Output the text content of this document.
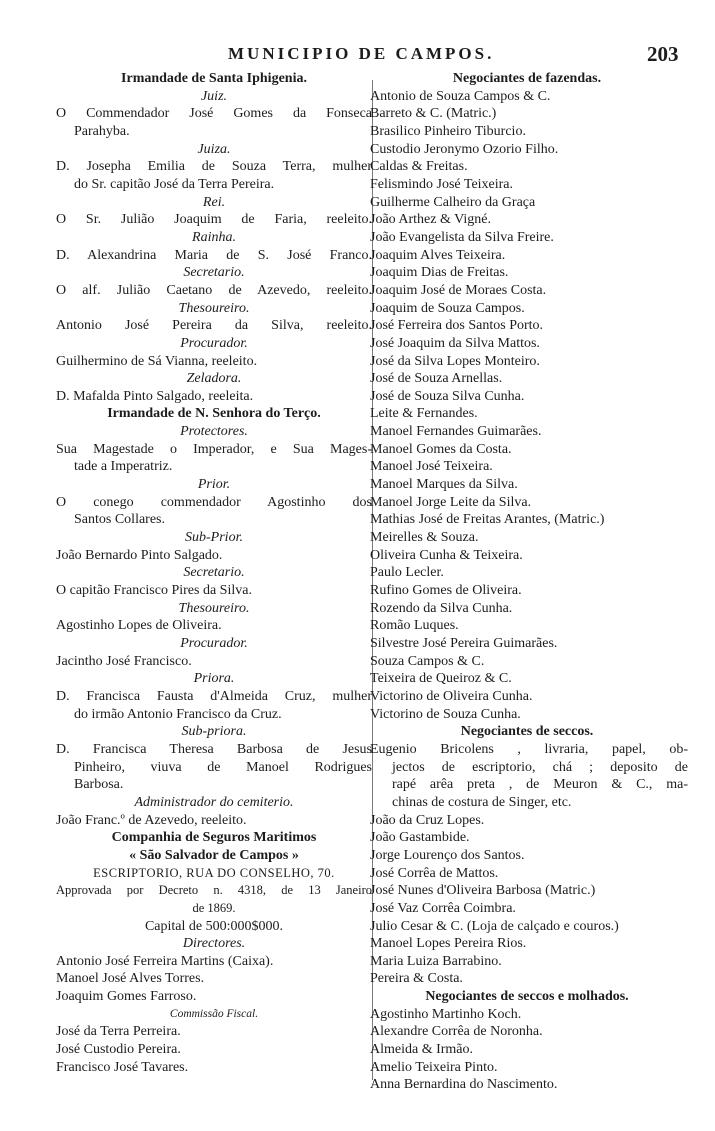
MUNICIPIO DE CAMPOS.	203
Irmandade de Santa Iphigenia.
Juiz.
O Commendador José Gomes da Fonseca
Parahyba.
Juiza.
D. Josepha Emilia de Souza Terra, mulher
do Sr. capitão José da Terra Pereira.
Rei.
O Sr. Julião Joaquim de Faria, reeleito.
Rainha.
D. Alexandrina Maria de S. José Franco.
Secretario.
O alf. Julião Caetano de Azevedo, reeleito.
Thesoureiro.
Antonio José Pereira da Silva, reeleito.
Procurador.
Guilhermino de Sá Vianna, reeleito.
Zeladora.
D. Mafalda Pinto Salgado, reeleita.
Irmandade de N. Senhora do Terço.
Protectores.
Sua Magestade o Imperador, e Sua Mages-
tade a Imperatriz.
Prior.
O conego commendador Agostinho dos
Santos Collares.
Sub-Prior.
João Bernardo Pinto Salgado.
Secretario.
O capitão Francisco Pires da Silva.
Thesoureiro.
Agostinho Lopes de Oliveira.
Procurador.
Jacintho José Francisco.
Priora.
D. Francisca Fausta d'Almeida Cruz, mulher
do irmão Antonio Francisco da Cruz.
Sub-priora.
D. Francisca Theresa Barbosa de Jesus
Pinheiro, viuva de Manoel Rodrigues
Barbosa.
Administrador do cemiterio.
João Franc.º de Azevedo, reeleito.
Companhia de Seguros Maritimos
« São Salvador de Campos »
ESCRIPTORIO, RUA DO CONSELHO, 70.
Approvada por Decreto n. 4318, de 13 Janeiro
de 1869.
Capital de 500:000$000.
Directores.
Antonio José Ferreira Martins (Caixa).
Manoel José Alves Torres.
Joaquim Gomes Farroso.
Commissão Fiscal.
José da Terra Perreira.
José Custodio Pereira.
Francisco José Tavares.
Negociantes de fazendas.
Antonio de Souza Campos & C.
Barreto & C. (Matric.)
Brasilico Pinheiro Tiburcio.
Custodio Jeronymo Ozorio Filho.
Caldas & Freitas.
Felismindo José Teixeira.
Guilherme Calheiro da Graça
João Arthez & Vigné.
João Evangelista da Silva Freire.
Joaquim Alves Teixeira.
Joaquim Dias de Freitas.
Joaquim José de Moraes Costa.
Joaquim de Souza Campos.
José Ferreira dos Santos Porto.
José Joaquim da Silva Mattos.
José da Silva Lopes Monteiro.
José de Souza Arnellas.
José de Souza Silva Cunha.
Leite & Fernandes.
Manoel Fernandes Guimarães.
Manoel Gomes da Costa.
Manoel José Teixeira.
Manoel Marques da Silva.
Manoel Jorge Leite da Silva.
Mathias José de Freitas Arantes, (Matric.)
Meirelles & Souza.
Oliveira Cunha & Teixeira.
Paulo Lecler.
Rufino Gomes de Oliveira.
Rozendo da Silva Cunha.
Romão Luques.
Silvestre José Pereira Guimarães.
Souza Campos & C.
Teixeira de Queiroz & C.
Victorino de Oliveira Cunha.
Victorino de Souza Cunha.
Negociantes de seccos.
Eugenio Bricolens , livraria, papel, ob-
jectos de escriptorio, chá ; deposito de
rapé arêa preta , de Meuron & C., ma-
chinas de costura de Singer, etc.
João da Cruz Lopes.
João Gastambide.
Jorge Lourenço dos Santos.
José Corrêa de Mattos.
José Nunes d'Oliveira Barbosa (Matric.)
José Vaz Corrêa Coimbra.
Julio Cesar & C. (Loja de calçado e couros.)
Manoel Lopes Pereira Rios.
Maria Luiza Barrabino.
Pereira & Costa.
Negociantes de seccos e molhados.
Agostinho Martinho Koch.
Alexandre Corrêa de Noronha.
Almeida & Irmão.
Amelio Teixeira Pinto.
Anna Bernardina do Nascimento.
